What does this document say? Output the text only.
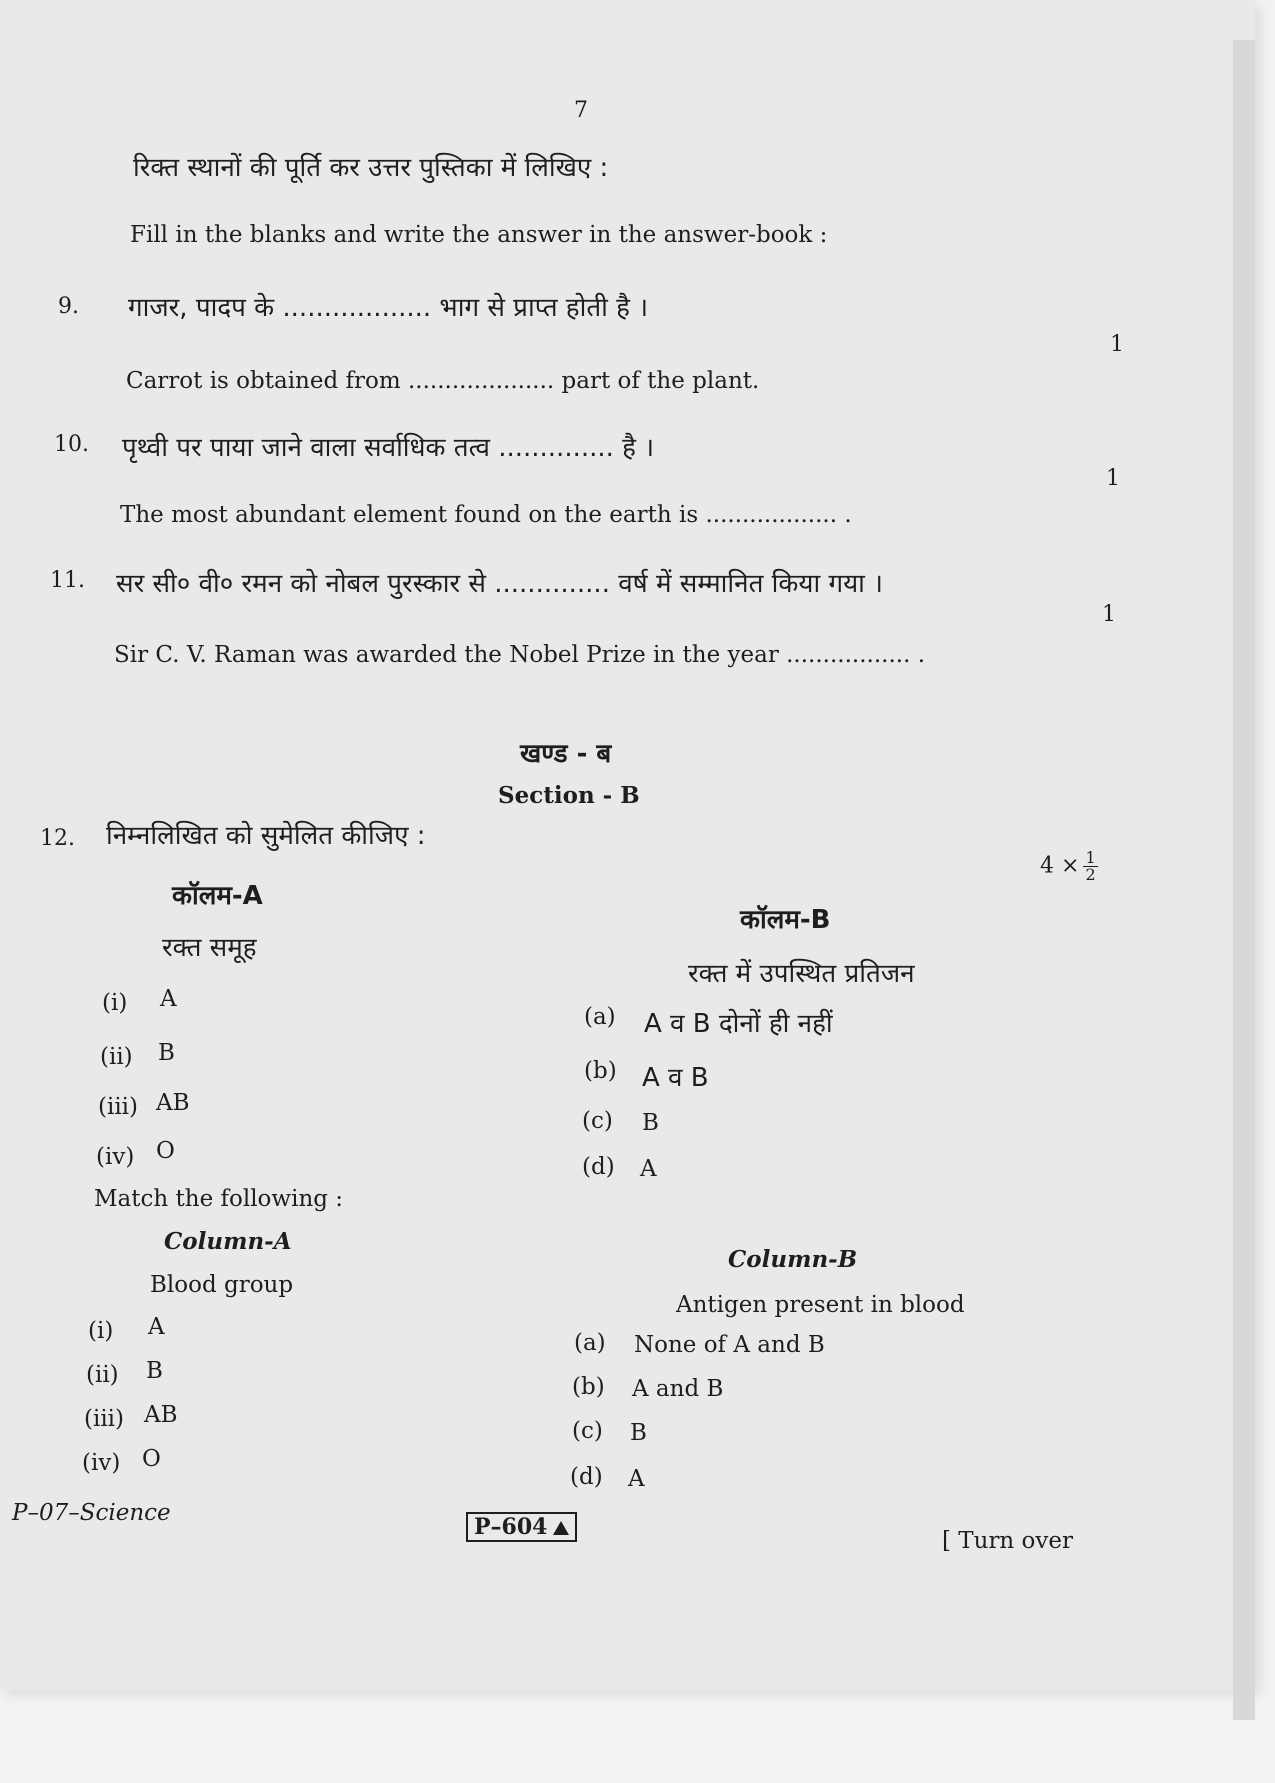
7
रिक्त स्थानों की पूर्ति कर उत्तर पुस्तिका में लिखिए :
Fill in the blanks and write the answer in the answer-book :
9. गाजर, पादप के .................. भाग से प्राप्त होती है ।
1
Carrot is obtained from .................... part of the plant.
10. पृथ्वी पर पाया जाने वाला सर्वाधिक तत्व .............. है ।
1
The most abundant element found on the earth is .................. .
11. सर सी० वी० रमन को नोबल पुरस्कार से .............. वर्ष में सम्मानित किया गया ।
1
Sir C. V. Raman was awarded the Nobel Prize in the year ................. .
खण्ड - ब
Section - B
12. निम्नलिखित को सुमेलित कीजिए :
$4 \times \frac{1}{2}$
कॉलम-A
रक्त समूह
कॉलम-B
रक्त में उपस्थित प्रतिजन
(i) A
(ii) B
(iii) AB
(iv) O
(a) A व B दोनों ही नहीं
(b) A व B
(c) B
(d) A
Match the following :
Column-A
Blood group
Column-B
Antigen present in blood
(i) A
(ii) B
(iii) AB
(iv) O
(a) None of A and B
(b) A and B
(c) B
(d) A
P–07–Science
P–604
[ Turn over
